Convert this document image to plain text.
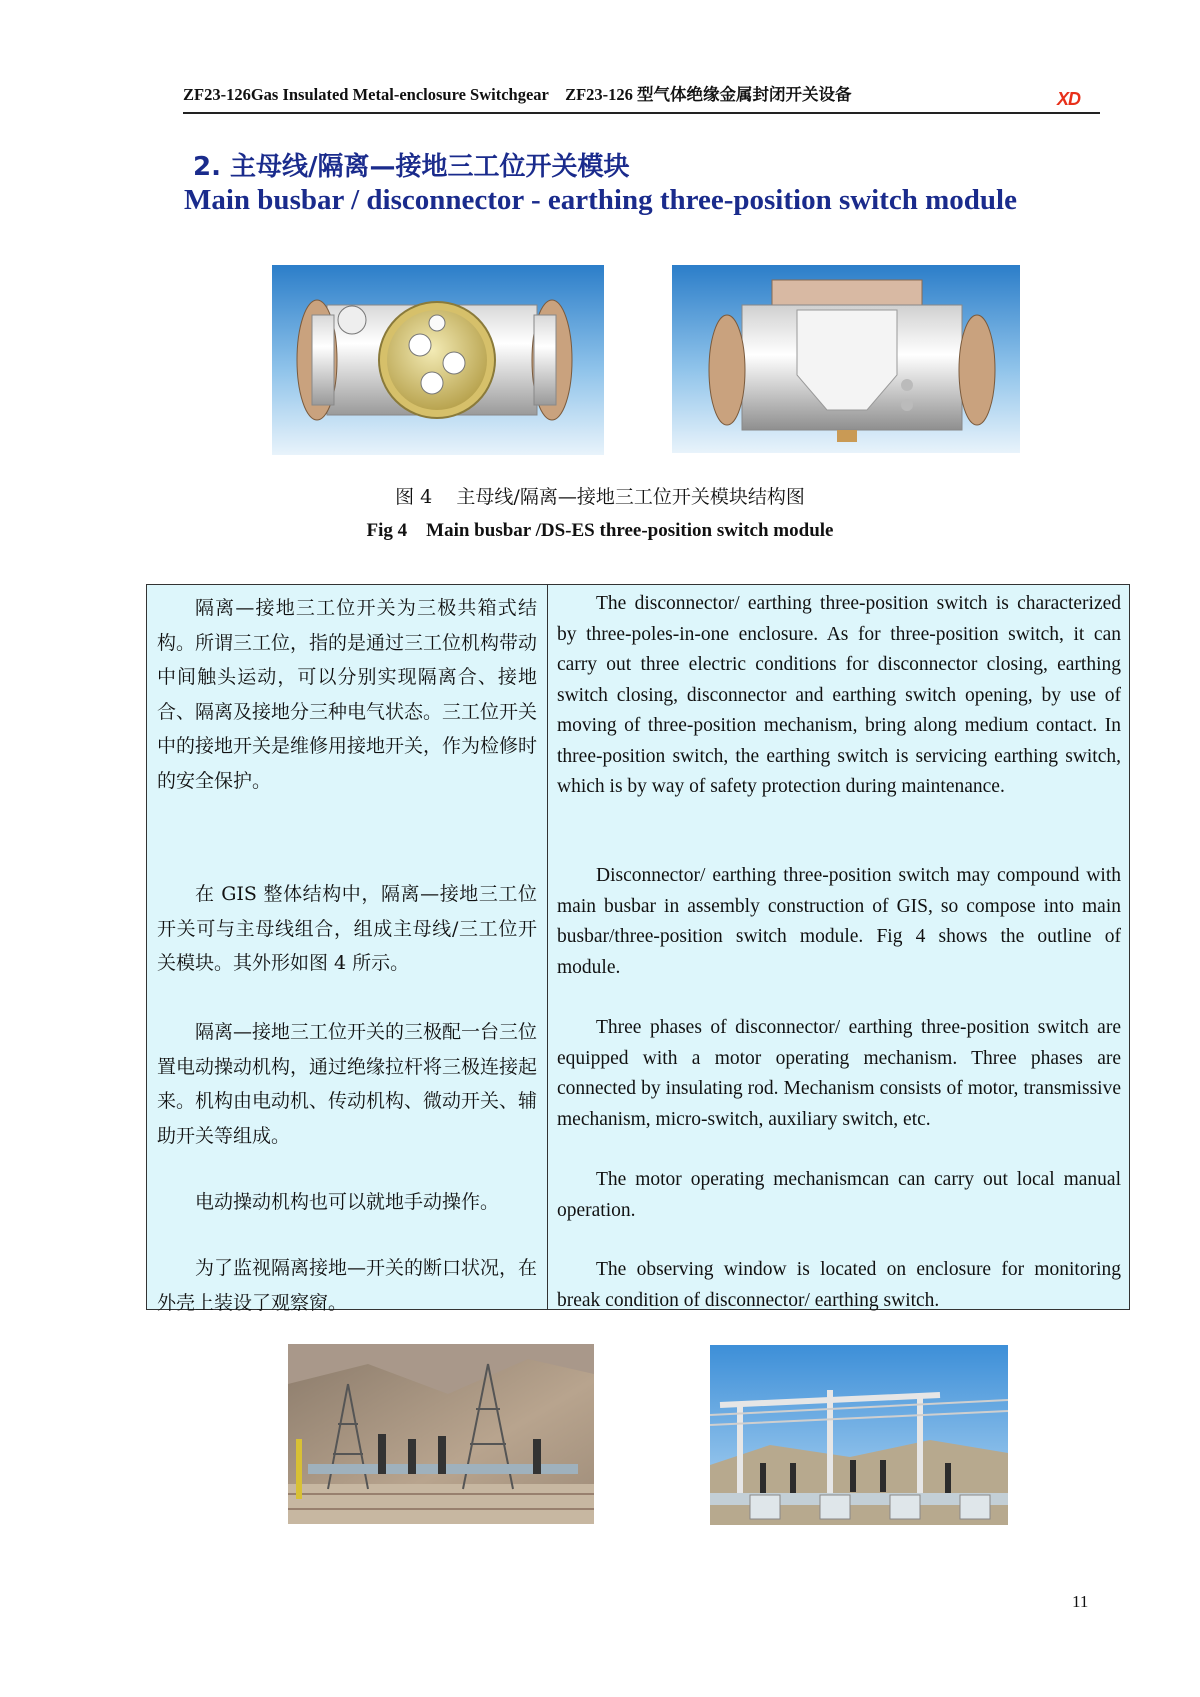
ZF23-126Gas Insulated Metal-enclosure Switchgear    ZF23-126 型气体绝缘金属封闭开关设备	XD
2. 主母线/隔离—接地三工位开关模块
Main busbar / disconnector - earthing three-position switch module
图 4    主母线/隔离—接地三工位开关模块结构图
Fig 4    Main busbar /DS-ES three-position switch module

隔离—接地三工位开关为三极共箱式结构。所谓三工位，指的是通过三工位机构带动中间触头运动，可以分别实现隔离合、接地合、隔离及接地分三种电气状态。三工位开关中的接地开关是维修用接地开关，作为检修时的安全保护。

在 GIS 整体结构中，隔离—接地三工位开关可与主母线组合，组成主母线/三工位开关模块。其外形如图 4 所示。

隔离—接地三工位开关的三极配一台三位置电动操动机构，通过绝缘拉杆将三极连接起来。机构由电动机、传动机构、微动开关、辅助开关等组成。

电动操动机构也可以就地手动操作。

为了监视隔离接地—开关的断口状况，在外壳上装设了观察窗。

The disconnector/ earthing three-position switch is characterized by three-poles-in-one enclosure. As for three-position switch, it can carry out three electric conditions for disconnector closing, earthing switch closing, disconnector and earthing switch opening, by use of moving of three-position mechanism, bring along medium contact. In three-position switch, the earthing switch is servicing earthing switch, which is by way of safety protection during maintenance.

Disconnector/ earthing three-position switch may compound with main busbar in assembly construction of GIS, so compose into main busbar/three-position switch module. Fig 4 shows the outline of module.

Three phases of disconnector/ earthing three-position switch are equipped with a motor operating mechanism. Three phases are connected by insulating rod. Mechanism consists of motor, transmissive mechanism, micro-switch, auxiliary switch, etc.

The motor operating mechanismcan can carry out local manual operation.

The observing window is located on enclosure for monitoring break condition of disconnector/ earthing switch.

11
